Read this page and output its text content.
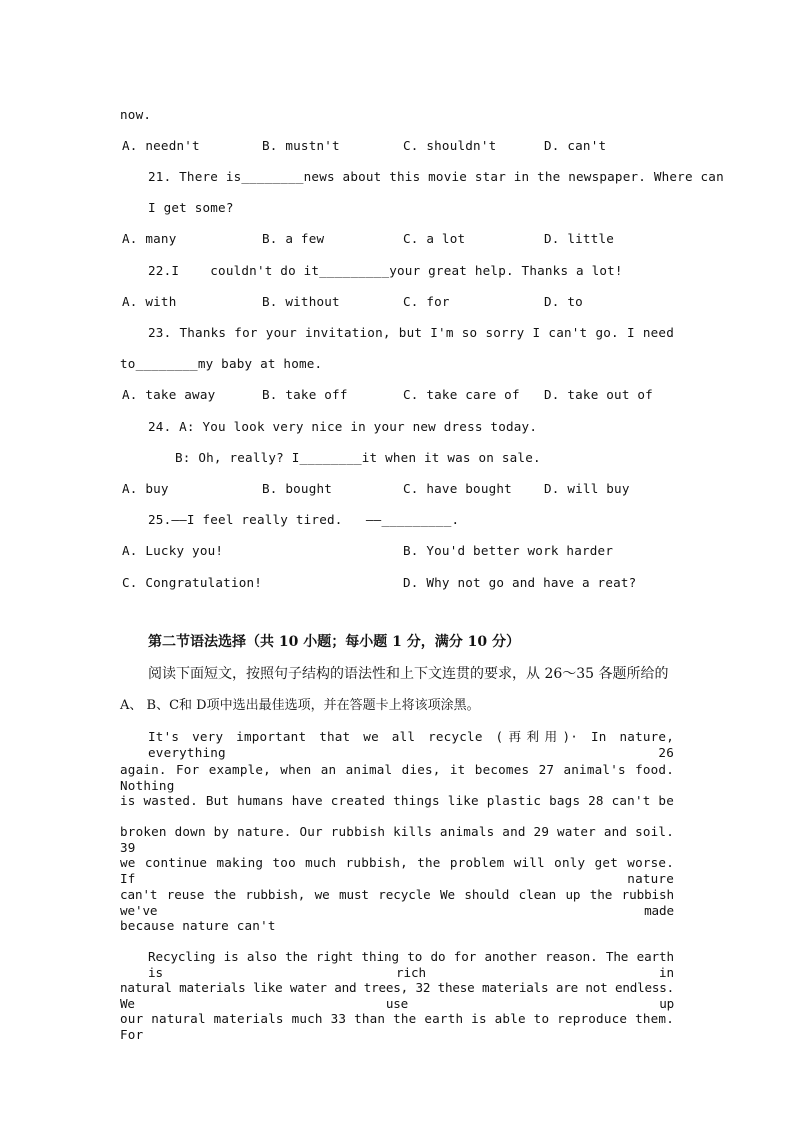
now.
A. needn't	B. mustn't	C. shouldn't	D. can't
21. There is________news about this movie star in the newspaper. Where can
I get some?
A. many	B. a few	C. a lot	D. little
22.I    couldn't do it_________your great help. Thanks a lot!
A. with	B. without	C. for	D. to
23. Thanks for your invitation, but I'm so sorry I can't go. I need
to________my baby at home.
A. take away	B. take off	C. take care of D. take out of
24. A: You look very nice in your new dress today.
B: Oh, really? I________it when it was on sale.
A. buy	B. bought	C. have bought	D. will buy
25.——I feel really tired.   ——_________.
A. Lucky you!	B. You'd better work harder
C. Congratulation!	D. Why not go and have a reat?
第二节语法选择（共 10 小题；每小题 1 分，满分 10 分）
阅读下面短文，按照句子结构的语法性和上下文连贯的要求，从 26～35 各题所给的
A、 B、C和 D项中选出最佳选项，并在答题卡上将该项涂黑。
It's very important that we all recycle (再利用)· In nature, everything 26
again. For example, when an animal dies, it becomes 27 animal's food. Nothing
is wasted. But humans have created things like plastic bags 28 can't be
broken down by nature. Our rubbish kills animals and 29 water and soil. 39
we continue making too much rubbish, the problem will only get worse. If nature
can't reuse the rubbish, we must recycle We should clean up the rubbish we've made
because nature can't
Recycling is also the right thing to do for another reason. The earth is rich in
natural materials like water and trees, 32 these materials are not endless. We use up
our natural materials much 33 than the earth is able to reproduce them. For
